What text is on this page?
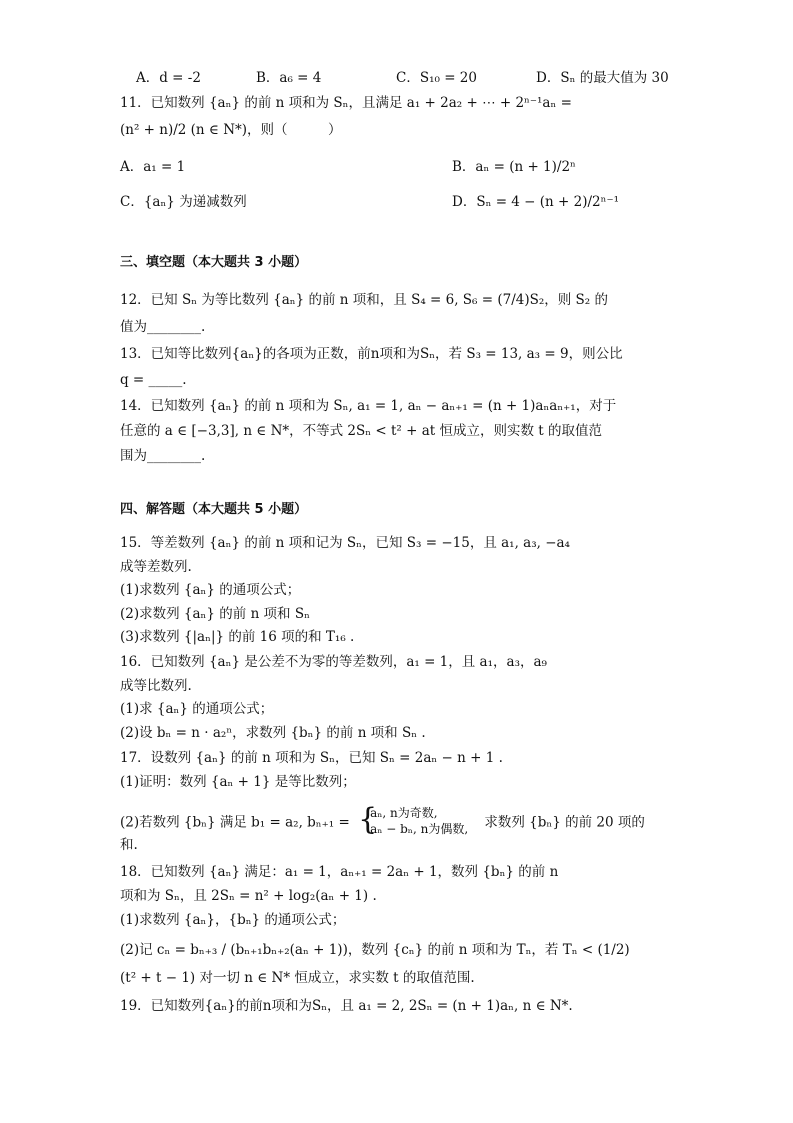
A．d = -2	B．a₆ = 4	C．S₁₀ = 20	D．Sₙ 的最大值为 30
11．已知数列 {aₙ} 的前 n 项和为 Sₙ，且满足 a₁ + 2a₂ + ⋯ + 2ⁿ⁻¹aₙ =
(n² + n)/2 (n ∈ N*)，则（　　　）
A．a₁ = 1	B．aₙ = (n + 1)/2ⁿ
C．{aₙ} 为递减数列	D．Sₙ = 4 − (n + 2)/2ⁿ⁻¹
三、填空题（本大题共 3 小题）
12．已知 Sₙ 为等比数列 {aₙ} 的前 n 项和，且 S₄ = 6, S₆ = (7/4)S₂，则 S₂ 的
值为________.
13．已知等比数列{aₙ}的各项为正数，前n项和为Sₙ，若 S₃ = 13, a₃ = 9，则公比
q = _____.
14．已知数列 {aₙ} 的前 n 项和为 Sₙ, a₁ = 1, aₙ − aₙ₊₁ = (n + 1)aₙaₙ₊₁，对于
任意的 a ∈ [−3,3], n ∈ N*，不等式 2Sₙ < t² + at 恒成立，则实数 t 的取值范
围为________.
四、解答题（本大题共 5 小题）
15．等差数列 {aₙ} 的前 n 项和记为 Sₙ，已知 S₃ = −15，且 a₁, a₃, −a₄
成等差数列.
(1)求数列 {aₙ} 的通项公式；
(2)求数列 {aₙ} 的前 n 项和 Sₙ
(3)求数列 {|aₙ|} 的前 16 项的和 T₁₆ .
16．已知数列 {aₙ} 是公差不为零的等差数列，a₁ = 1，且 a₁，a₃，a₉
成等比数列.
(1)求 {aₙ} 的通项公式；
(2)设 bₙ = n · a₂ⁿ，求数列 {bₙ} 的前 n 项和 Sₙ .
17．设数列 {aₙ} 的前 n 项和为 Sₙ，已知 Sₙ = 2aₙ − n + 1 .
(1)证明：数列 {aₙ + 1} 是等比数列；
(2)若数列 {bₙ} 满足 b₁ = a₂, bₙ₊₁ = {
aₙ, n为奇数,
aₙ − bₙ, n为偶数, 求数列 {bₙ} 的前 20 项的
和.
18．已知数列 {aₙ} 满足：a₁ = 1，aₙ₊₁ = 2aₙ + 1，数列 {bₙ} 的前 n
项和为 Sₙ，且 2Sₙ = n² + log₂(aₙ + 1) .
(1)求数列 {aₙ}，{bₙ} 的通项公式；
(2)记 cₙ = bₙ₊₃ / (bₙ₊₁bₙ₊₂(aₙ + 1))，数列 {cₙ} 的前 n 项和为 Tₙ，若 Tₙ < (1/2)
(t² + t − 1) 对一切 n ∈ N* 恒成立，求实数 t 的取值范围.
19．已知数列{aₙ}的前n项和为Sₙ，且 a₁ = 2, 2Sₙ = (n + 1)aₙ, n ∈ N*.
